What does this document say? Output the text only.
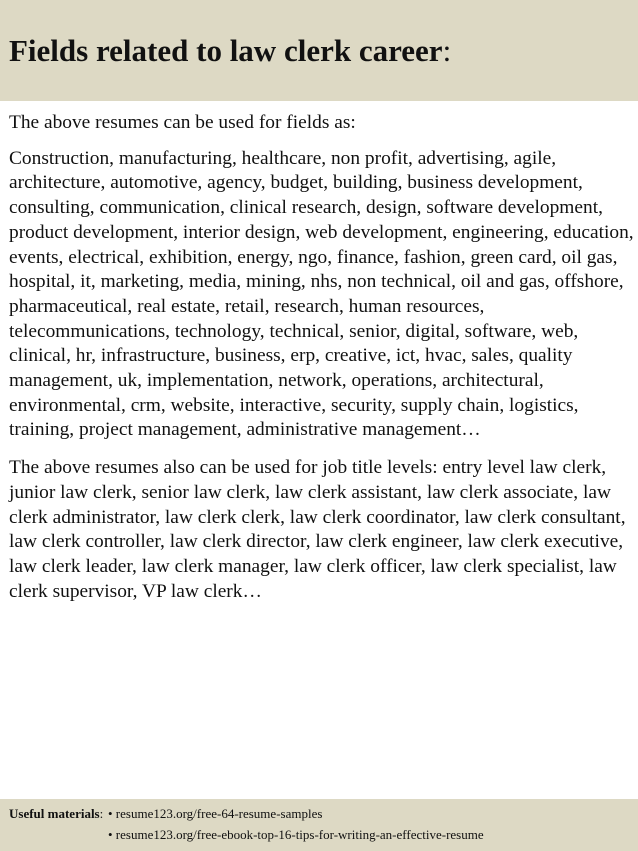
Fields related to law clerk career:

The above resumes can be used for fields as:

Construction, manufacturing, healthcare, non profit, advertising, agile, architecture, automotive, agency, budget, building, business development, consulting, communication, clinical research, design, software development, product development, interior design, web development, engineering, education, events, electrical, exhibition, energy, ngo, finance, fashion, green card, oil gas, hospital, it, marketing, media, mining, nhs, non technical, oil and gas, offshore, pharmaceutical, real estate, retail, research, human resources, telecommunications, technology, technical, senior, digital, software, web, clinical, hr, infrastructure, business, erp, creative, ict, hvac, sales, quality management, uk, implementation, network, operations, architectural, environmental, crm, website, interactive, security, supply chain, logistics, training, project management, administrative management…

The above resumes also can be used for job title levels: entry level law clerk, junior law clerk, senior law clerk, law clerk assistant, law clerk associate, law clerk administrator, law clerk clerk, law clerk coordinator, law clerk consultant, law clerk controller, law clerk director, law clerk engineer, law clerk executive, law clerk leader, law clerk manager, law clerk officer, law clerk specialist, law clerk supervisor, VP law clerk…

Useful materials: • resume123.org/free-64-resume-samples
• resume123.org/free-ebook-top-16-tips-for-writing-an-effective-resume
